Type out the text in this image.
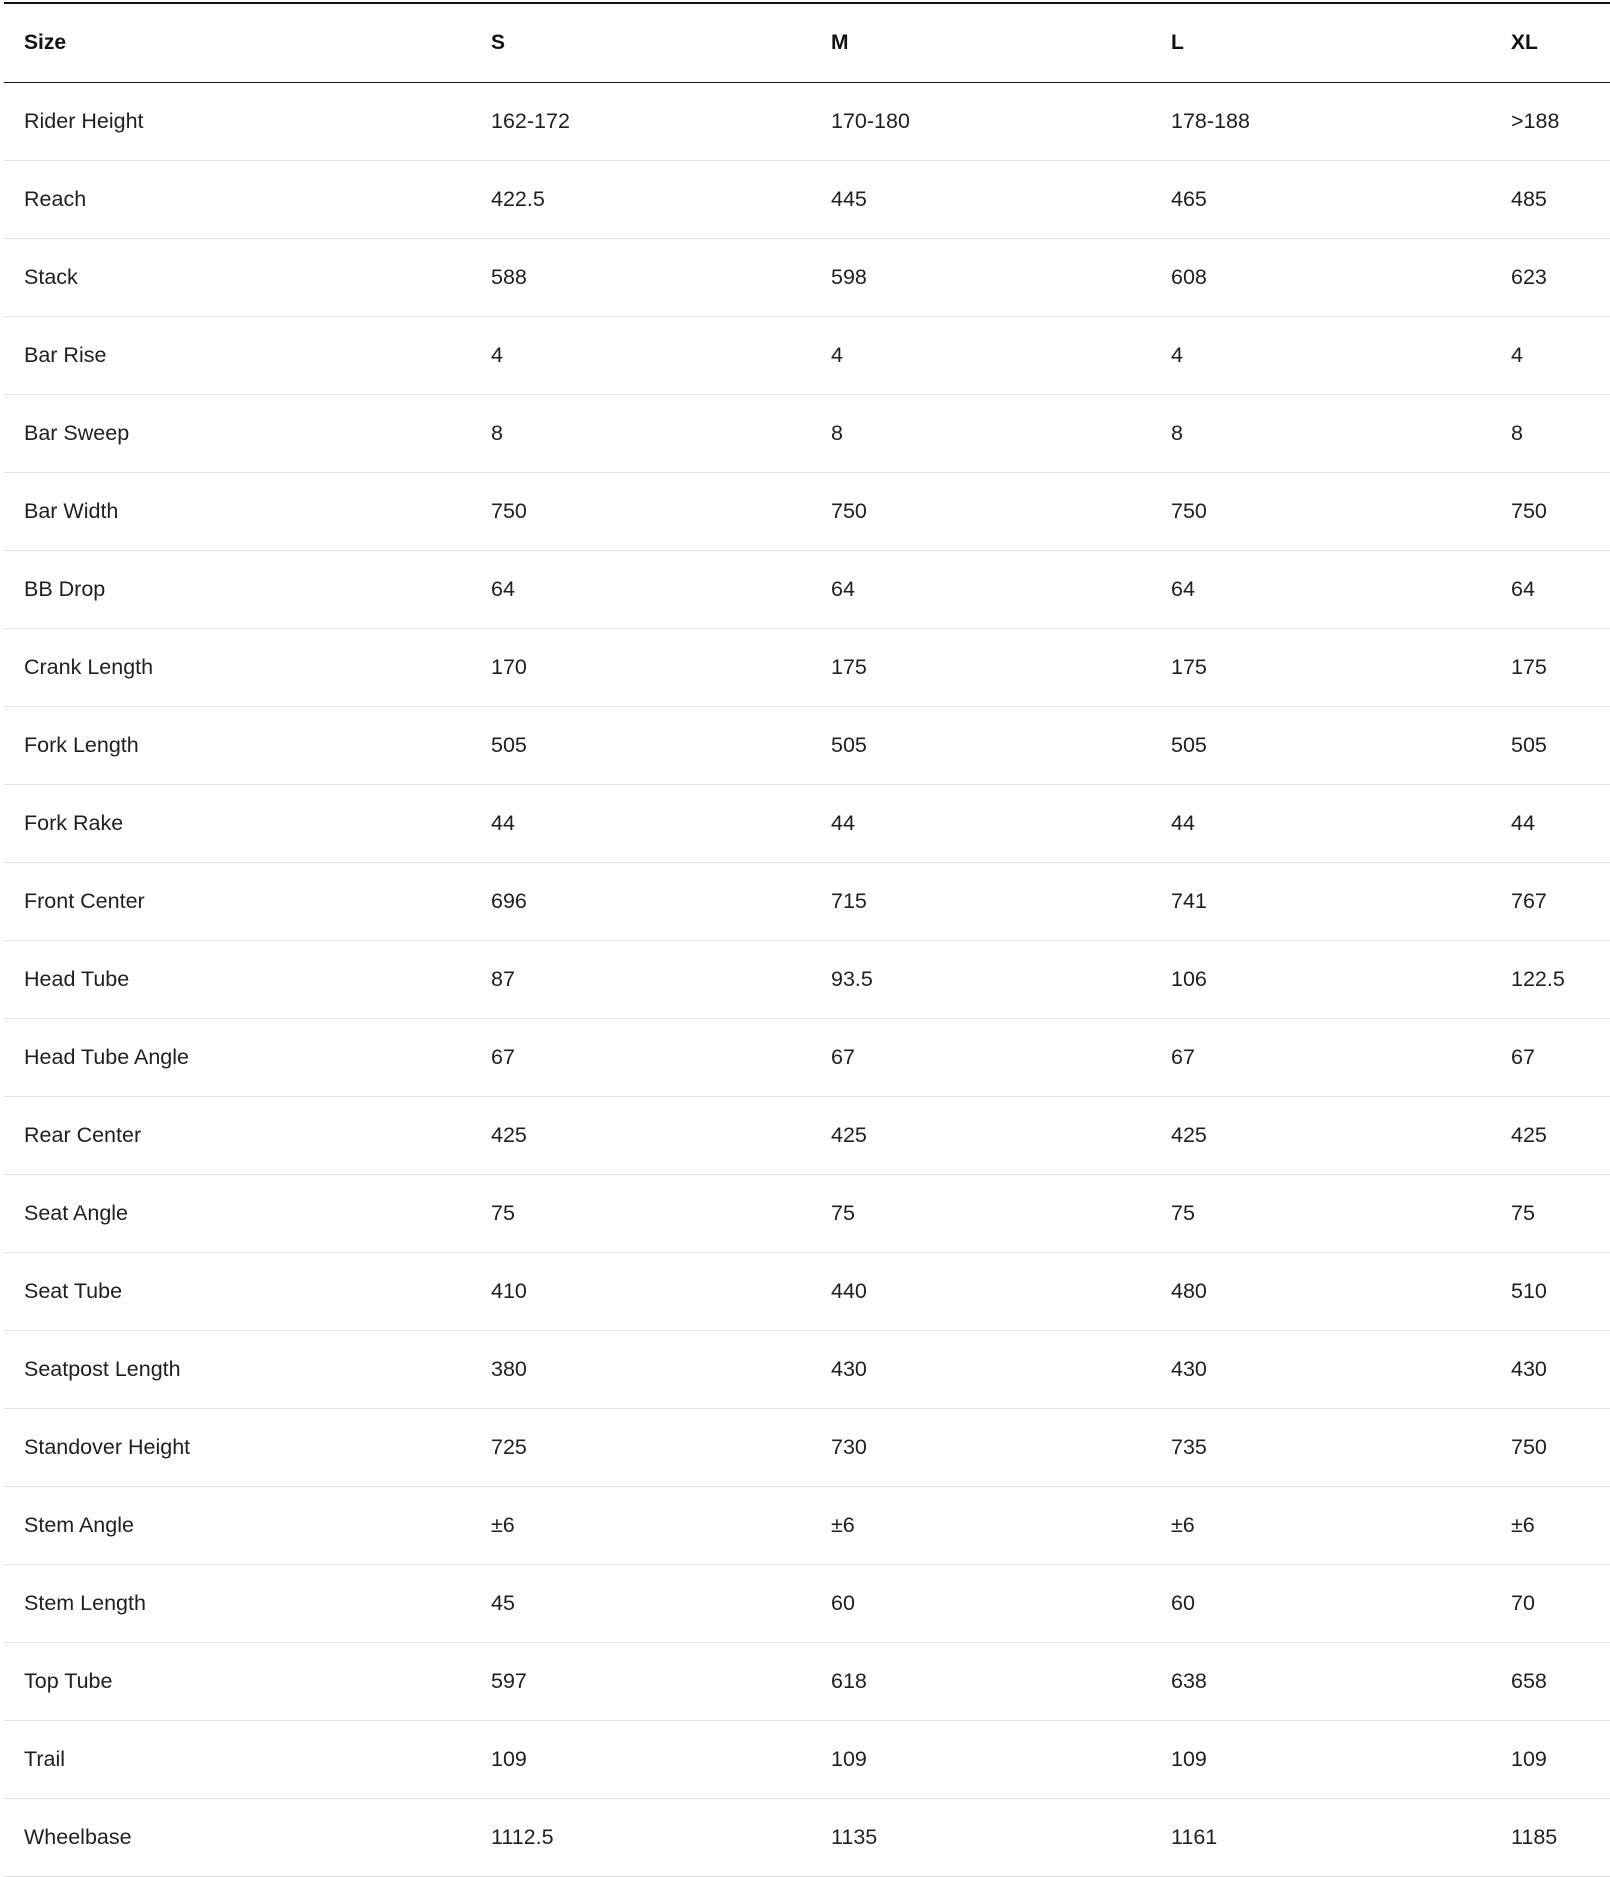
Size	S	M	L	XL
Rider Height	162-172	170-180	178-188	>188
Reach	422.5	445	465	485
Stack	588	598	608	623
Bar Rise	4	4	4	4
Bar Sweep	8	8	8	8
Bar Width	750	750	750	750
BB Drop	64	64	64	64
Crank Length	170	175	175	175
Fork Length	505	505	505	505
Fork Rake	44	44	44	44
Front Center	696	715	741	767
Head Tube	87	93.5	106	122.5
Head Tube Angle	67	67	67	67
Rear Center	425	425	425	425
Seat Angle	75	75	75	75
Seat Tube	410	440	480	510
Seatpost Length	380	430	430	430
Standover Height	725	730	735	750
Stem Angle	±6	±6	±6	±6
Stem Length	45	60	60	70
Top Tube	597	618	638	658
Trail	109	109	109	109
Wheelbase	1112.5	1135	1161	1185
